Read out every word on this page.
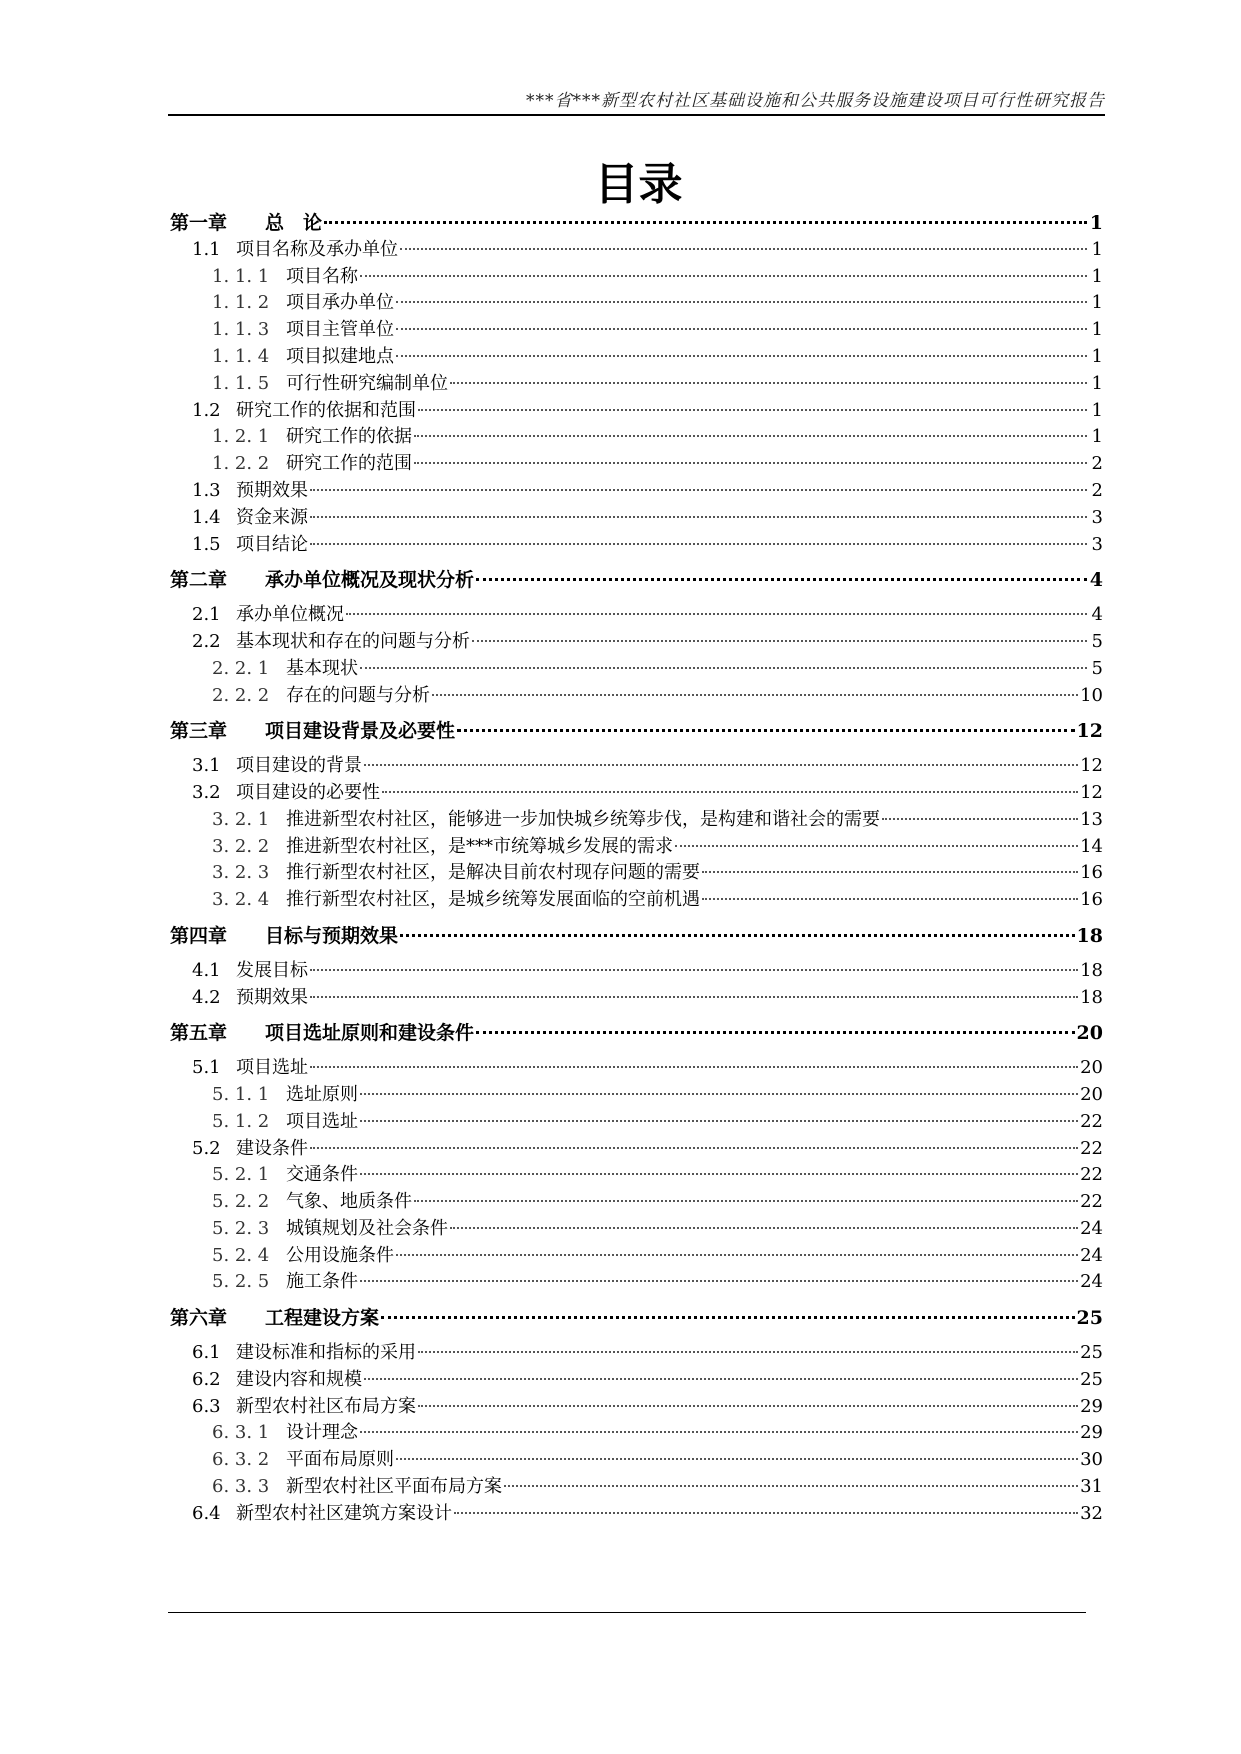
***省***新型农村社区基础设施和公共服务设施建设项目可行性研究报告
目录
第一章	总　论	1
1.1 项目名称及承办单位	1
1. 1. 1 项目名称	1
1. 1. 2 项目承办单位	1
1. 1. 3 项目主管单位	1
1. 1. 4 项目拟建地点	1
1. 1. 5 可行性研究编制单位	1
1.2 研究工作的依据和范围	1
1. 2. 1 研究工作的依据	1
1. 2. 2 研究工作的范围	2
1.3 预期效果	2
1.4 资金来源	3
1.5 项目结论	3
第二章	承办单位概况及现状分析	4
2.1 承办单位概况	4
2.2 基本现状和存在的问题与分析	5
2. 2. 1 基本现状	5
2. 2. 2 存在的问题与分析	10
第三章	项目建设背景及必要性	12
3.1 项目建设的背景	12
3.2 项目建设的必要性	12
3. 2. 1 推进新型农村社区，能够进一步加快城乡统筹步伐，是构建和谐社会的需要	13
3. 2. 2 推进新型农村社区，是***市统筹城乡发展的需求	14
3. 2. 3 推行新型农村社区，是解决目前农村现存问题的需要	16
3. 2. 4 推行新型农村社区，是城乡统筹发展面临的空前机遇	16
第四章	目标与预期效果	18
4.1 发展目标	18
4.2 预期效果	18
第五章	项目选址原则和建设条件	20
5.1 项目选址	20
5. 1. 1 选址原则	20
5. 1. 2 项目选址	22
5.2 建设条件	22
5. 2. 1 交通条件	22
5. 2. 2 气象、地质条件	22
5. 2. 3 城镇规划及社会条件	24
5. 2. 4 公用设施条件	24
5. 2. 5 施工条件	24
第六章	工程建设方案	25
6.1 建设标准和指标的采用	25
6.2 建设内容和规模	25
6.3 新型农村社区布局方案	29
6. 3. 1 设计理念	29
6. 3. 2 平面布局原则	30
6. 3. 3 新型农村社区平面布局方案	31
6.4 新型农村社区建筑方案设计	32
